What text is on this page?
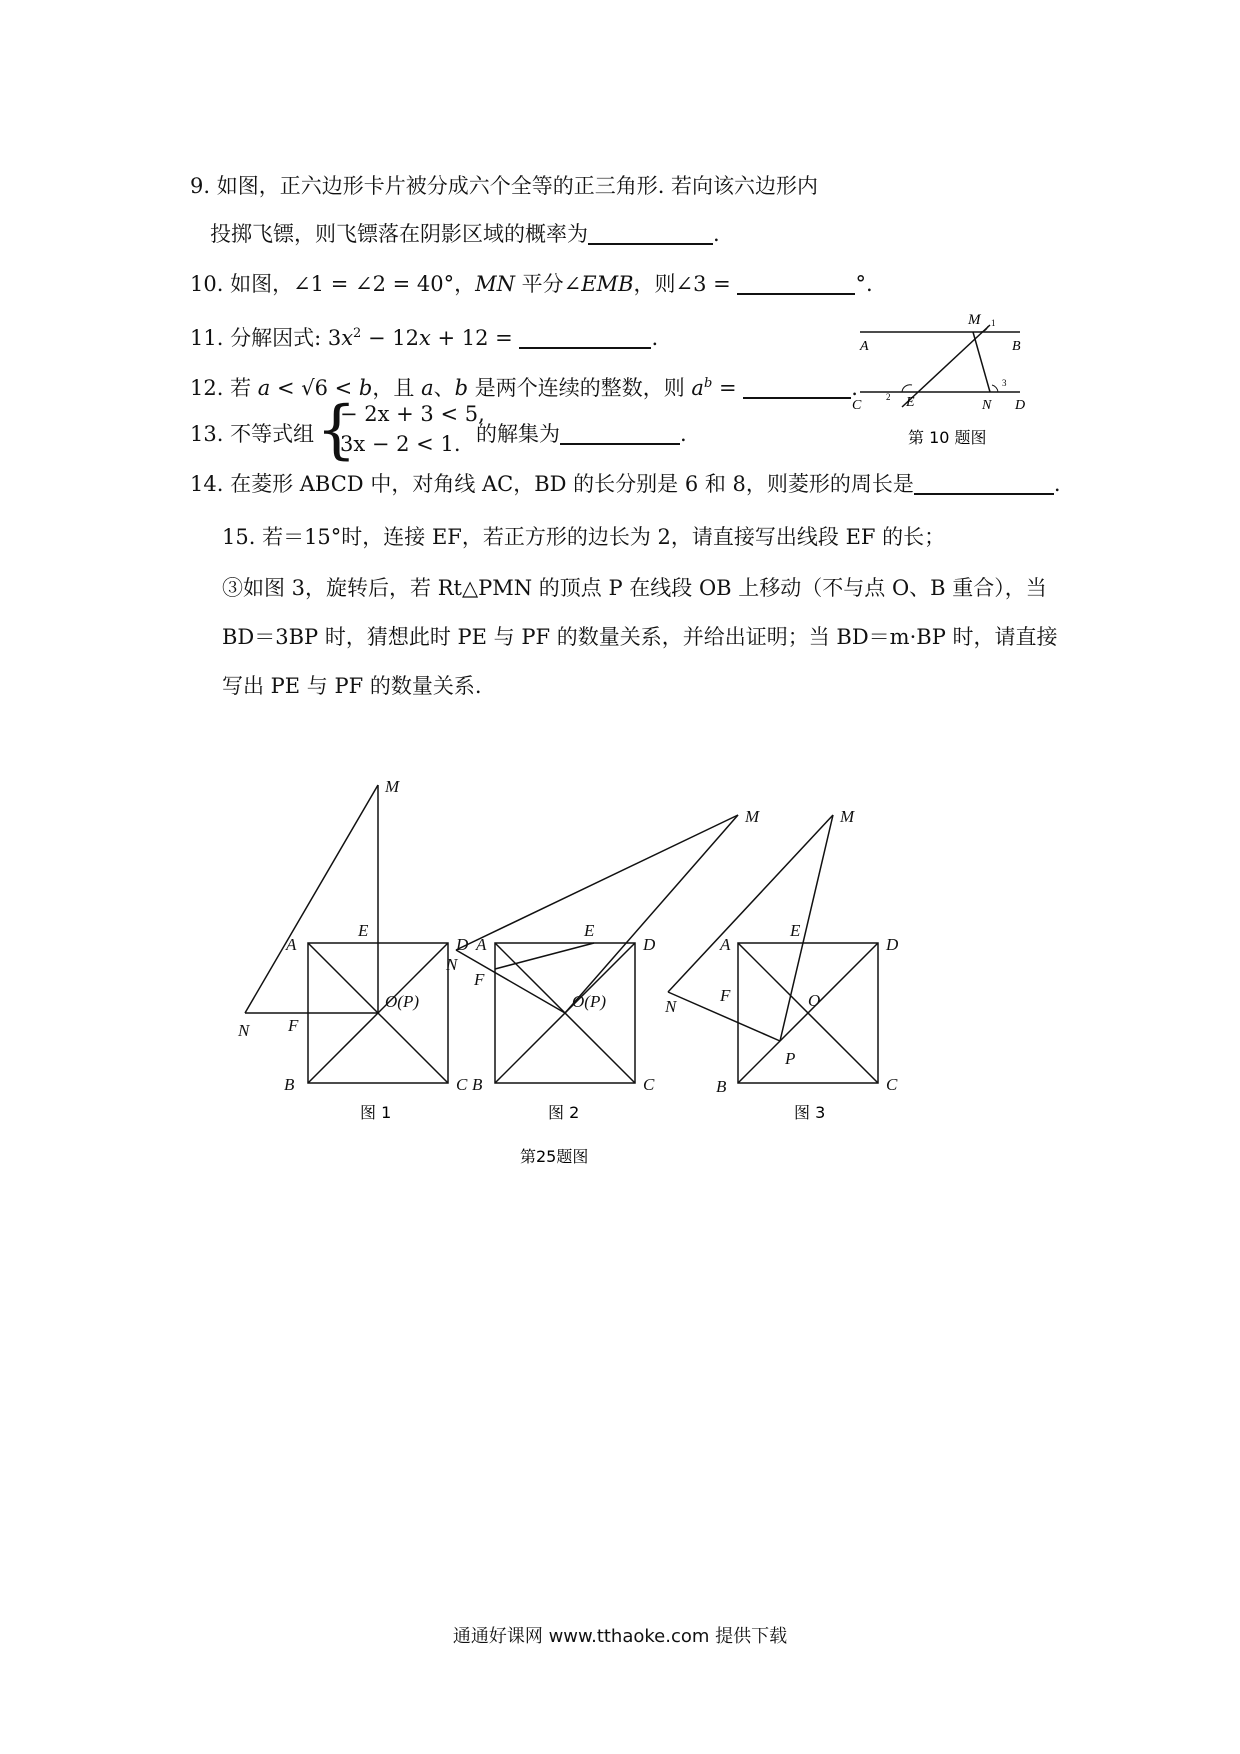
9. 如图，正六边形卡片被分成六个全等的正三角形. 若向该六边形内
投掷飞镖，则飞镖落在阴影区域的概率为	.
10. 如图，∠1 = ∠2 = 40°，MN 平分∠EMB，则∠3 =	°.
11. 分解因式: $3x^2 - 12x + 12$ =	.
12. 若 a < √6 < b，且 a、b 是两个连续的整数，则 $a^b$ =	.
13. 不等式组 {
− 2x + 3 < 5,
3x − 2 < 1. 的解集为	.
M 1
A	B
3
C
2 E	N D
第 10 题图
14. 在菱形 ABCD 中，对角线 AC，BD 的长分别是 6 和 8，则菱形的周长是	.
15. 若＝15°时，连接 EF，若正方形的边长为 2，请直接写出线段 EF 的长；
③如图 3，旋转后，若 Rt△PMN 的顶点 P 在线段 OB 上移动（不与点 O、B 重合），当
BD＝3BP 时，猜想此时 PE 与 PF 的数量关系，并给出证明；当 BD＝m·BP 时，请直接
写出 PE 与 PF 的数量关系.
M
E
A	D
O(P)
N F
B	C
图 1
M
E
A	D
O(P)
N
F
B	C
图 2
M
E
A	D
O
N
F
P
B	C
图 3
第25题图
通通好课网 www.tthaoke.com 提供下载
